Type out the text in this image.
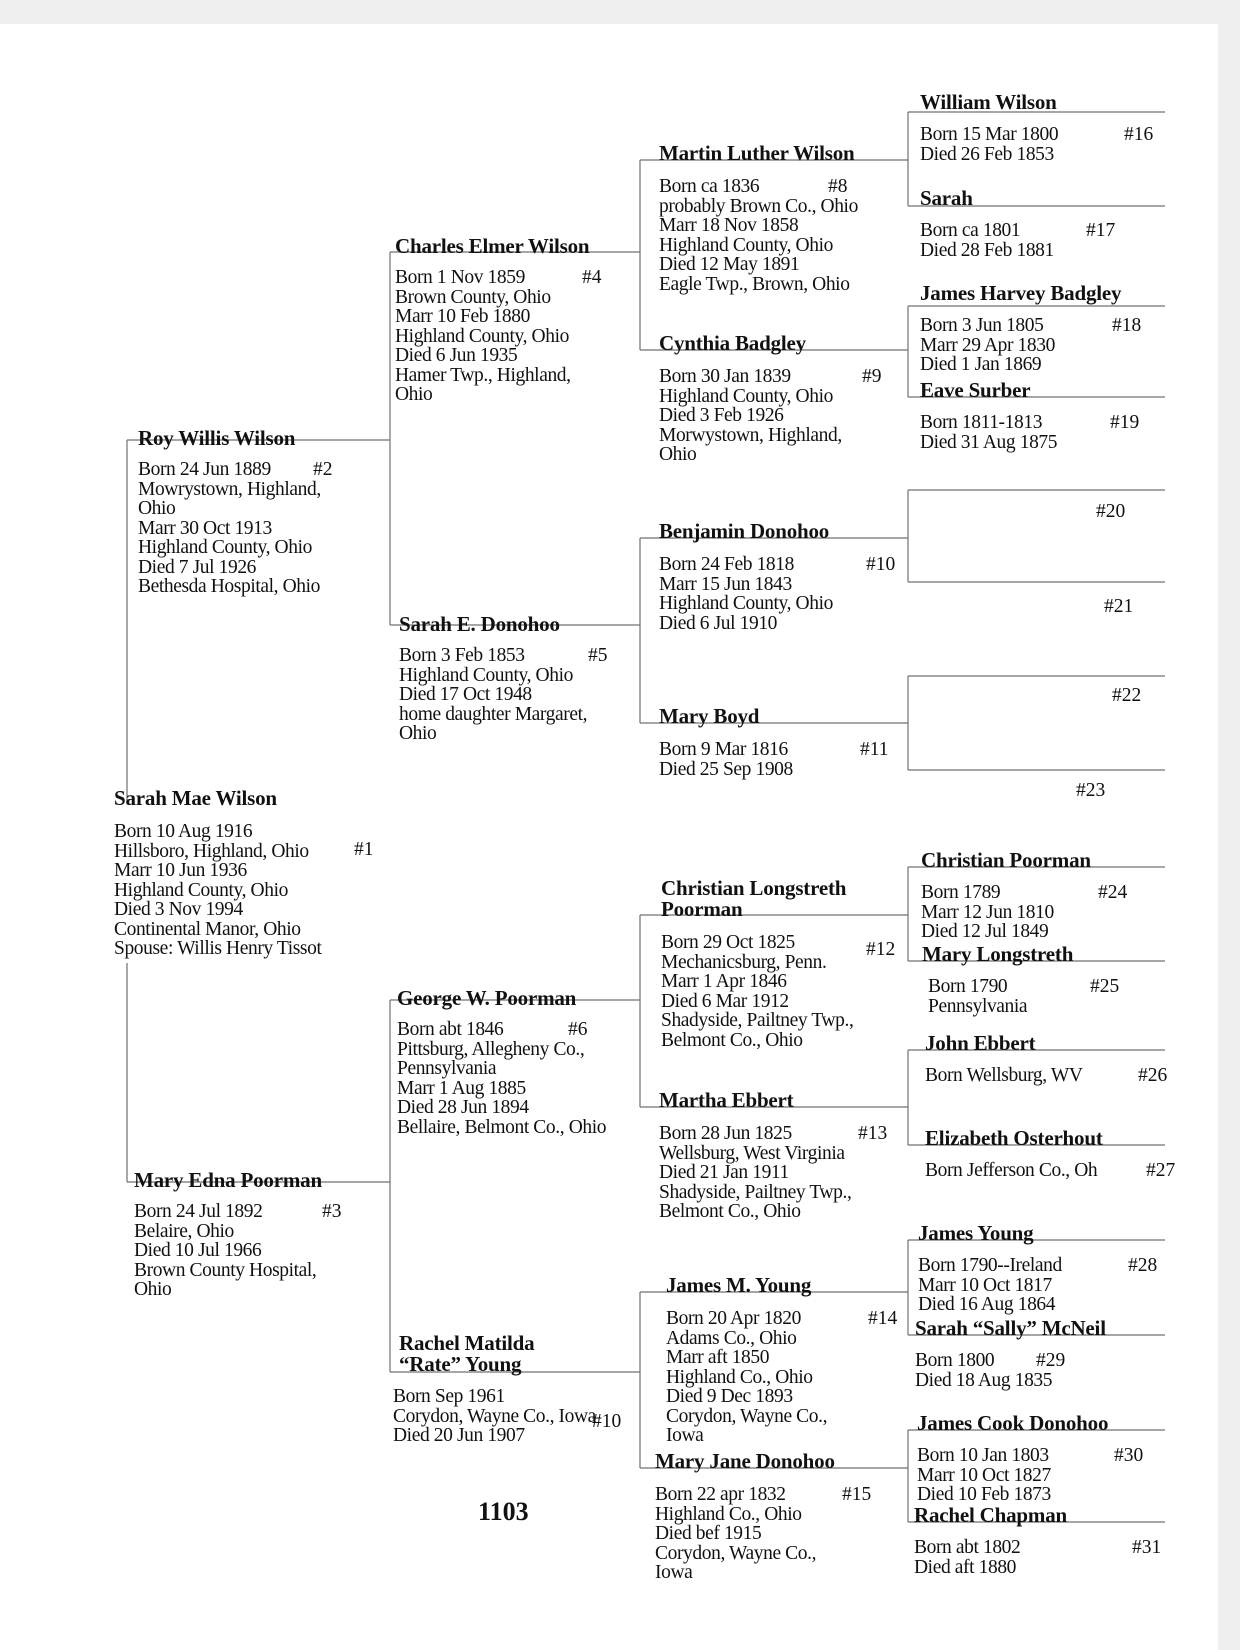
Sarah Mae Wilson
Born 10 Aug 1916
Hillsboro, Highland, Ohio
Marr 10 Jun 1936
Highland County, Ohio
Died 3 Nov 1994
Continental Manor, Ohio
Spouse: Willis Henry Tissot
#1
Roy Willis Wilson
Born 24 Jun 1889
Mowrystown, Highland,
Ohio
Marr 30 Oct 1913
Highland County, Ohio
Died 7 Jul 1926
Bethesda Hospital, Ohio
#2
Mary Edna Poorman
Born 24 Jul 1892
Belaire, Ohio
Died 10 Jul 1966
Brown County Hospital,
Ohio
#3
Charles Elmer Wilson
Born 1 Nov 1859
Brown County, Ohio
Marr 10 Feb 1880
Highland County, Ohio
Died 6 Jun 1935
Hamer Twp., Highland,
Ohio
#4
Sarah E. Donohoo
Born 3 Feb 1853
Highland County, Ohio
Died 17 Oct 1948
home daughter Margaret,
Ohio
#5
George W. Poorman
Born abt 1846
Pittsburg, Allegheny Co.,
Pennsylvania
Marr 1 Aug 1885
Died 28 Jun 1894
Bellaire, Belmont Co., Ohio
#6
Rachel Matilda “Rate” Young
Born Sep 1961
Corydon, Wayne Co., Iowa
Died 20 Jun 1907
#10
Martin Luther Wilson
Born ca 1836
probably Brown Co., Ohio
Marr 18 Nov 1858
Highland County, Ohio
Died 12 May 1891
Eagle Twp., Brown, Ohio
#8
Cynthia Badgley
Born 30 Jan 1839
Highland County, Ohio
Died 3 Feb 1926
Morwystown, Highland,
Ohio
#9
Benjamin Donohoo
Born 24 Feb 1818
Marr 15 Jun 1843
Highland County, Ohio
Died 6 Jul 1910
#10
Mary Boyd
Born 9 Mar 1816
Died 25 Sep 1908
#11
Christian Longstreth Poorman
Born 29 Oct 1825
Mechanicsburg, Penn.
Marr 1 Apr 1846
Died 6 Mar 1912
Shadyside, Pailtney Twp.,
Belmont Co., Ohio
#12
Martha Ebbert
Born 28 Jun 1825
Wellsburg, West Virginia
Died 21 Jan 1911
Shadyside, Pailtney Twp.,
Belmont Co., Ohio
#13
James M. Young
Born 20 Apr 1820
Adams Co., Ohio
Marr aft 1850
Highland Co., Ohio
Died 9 Dec 1893
Corydon, Wayne Co.,
Iowa
#14
Mary Jane Donohoo
Born 22 apr 1832
Highland Co., Ohio
Died bef 1915
Corydon, Wayne Co.,
Iowa
#15
William Wilson
Born 15 Mar 1800
Died 26 Feb 1853
#16
Sarah
Born ca 1801
Died 28 Feb 1881
#17
James Harvey Badgley
Born 3 Jun 1805
Marr 29 Apr 1830
Died 1 Jan 1869
#18
Eave Surber
Born 1811-1813
Died 31 Aug 1875
#19
#20
#21
#22
#23
Christian Poorman
Born 1789
Marr 12 Jun 1810
Died 12 Jul 1849
#24
Mary Longstreth
Born 1790
Pennsylvania
#25
John Ebbert
Born Wellsburg, WV	#26
Elizabeth Osterhout
Born Jefferson Co., Oh #27
James Young
Born 1790--Ireland
Marr 10 Oct 1817
Died 16 Aug 1864
#28
Sarah “Sally” McNeil
Born 1800
Died 18 Aug 1835
#29
James Cook Donohoo
Born 10 Jan 1803
Marr 10 Oct 1827
Died 10 Feb 1873
#30
Rachel Chapman
Born abt 1802
Died aft 1880
#31
1103
